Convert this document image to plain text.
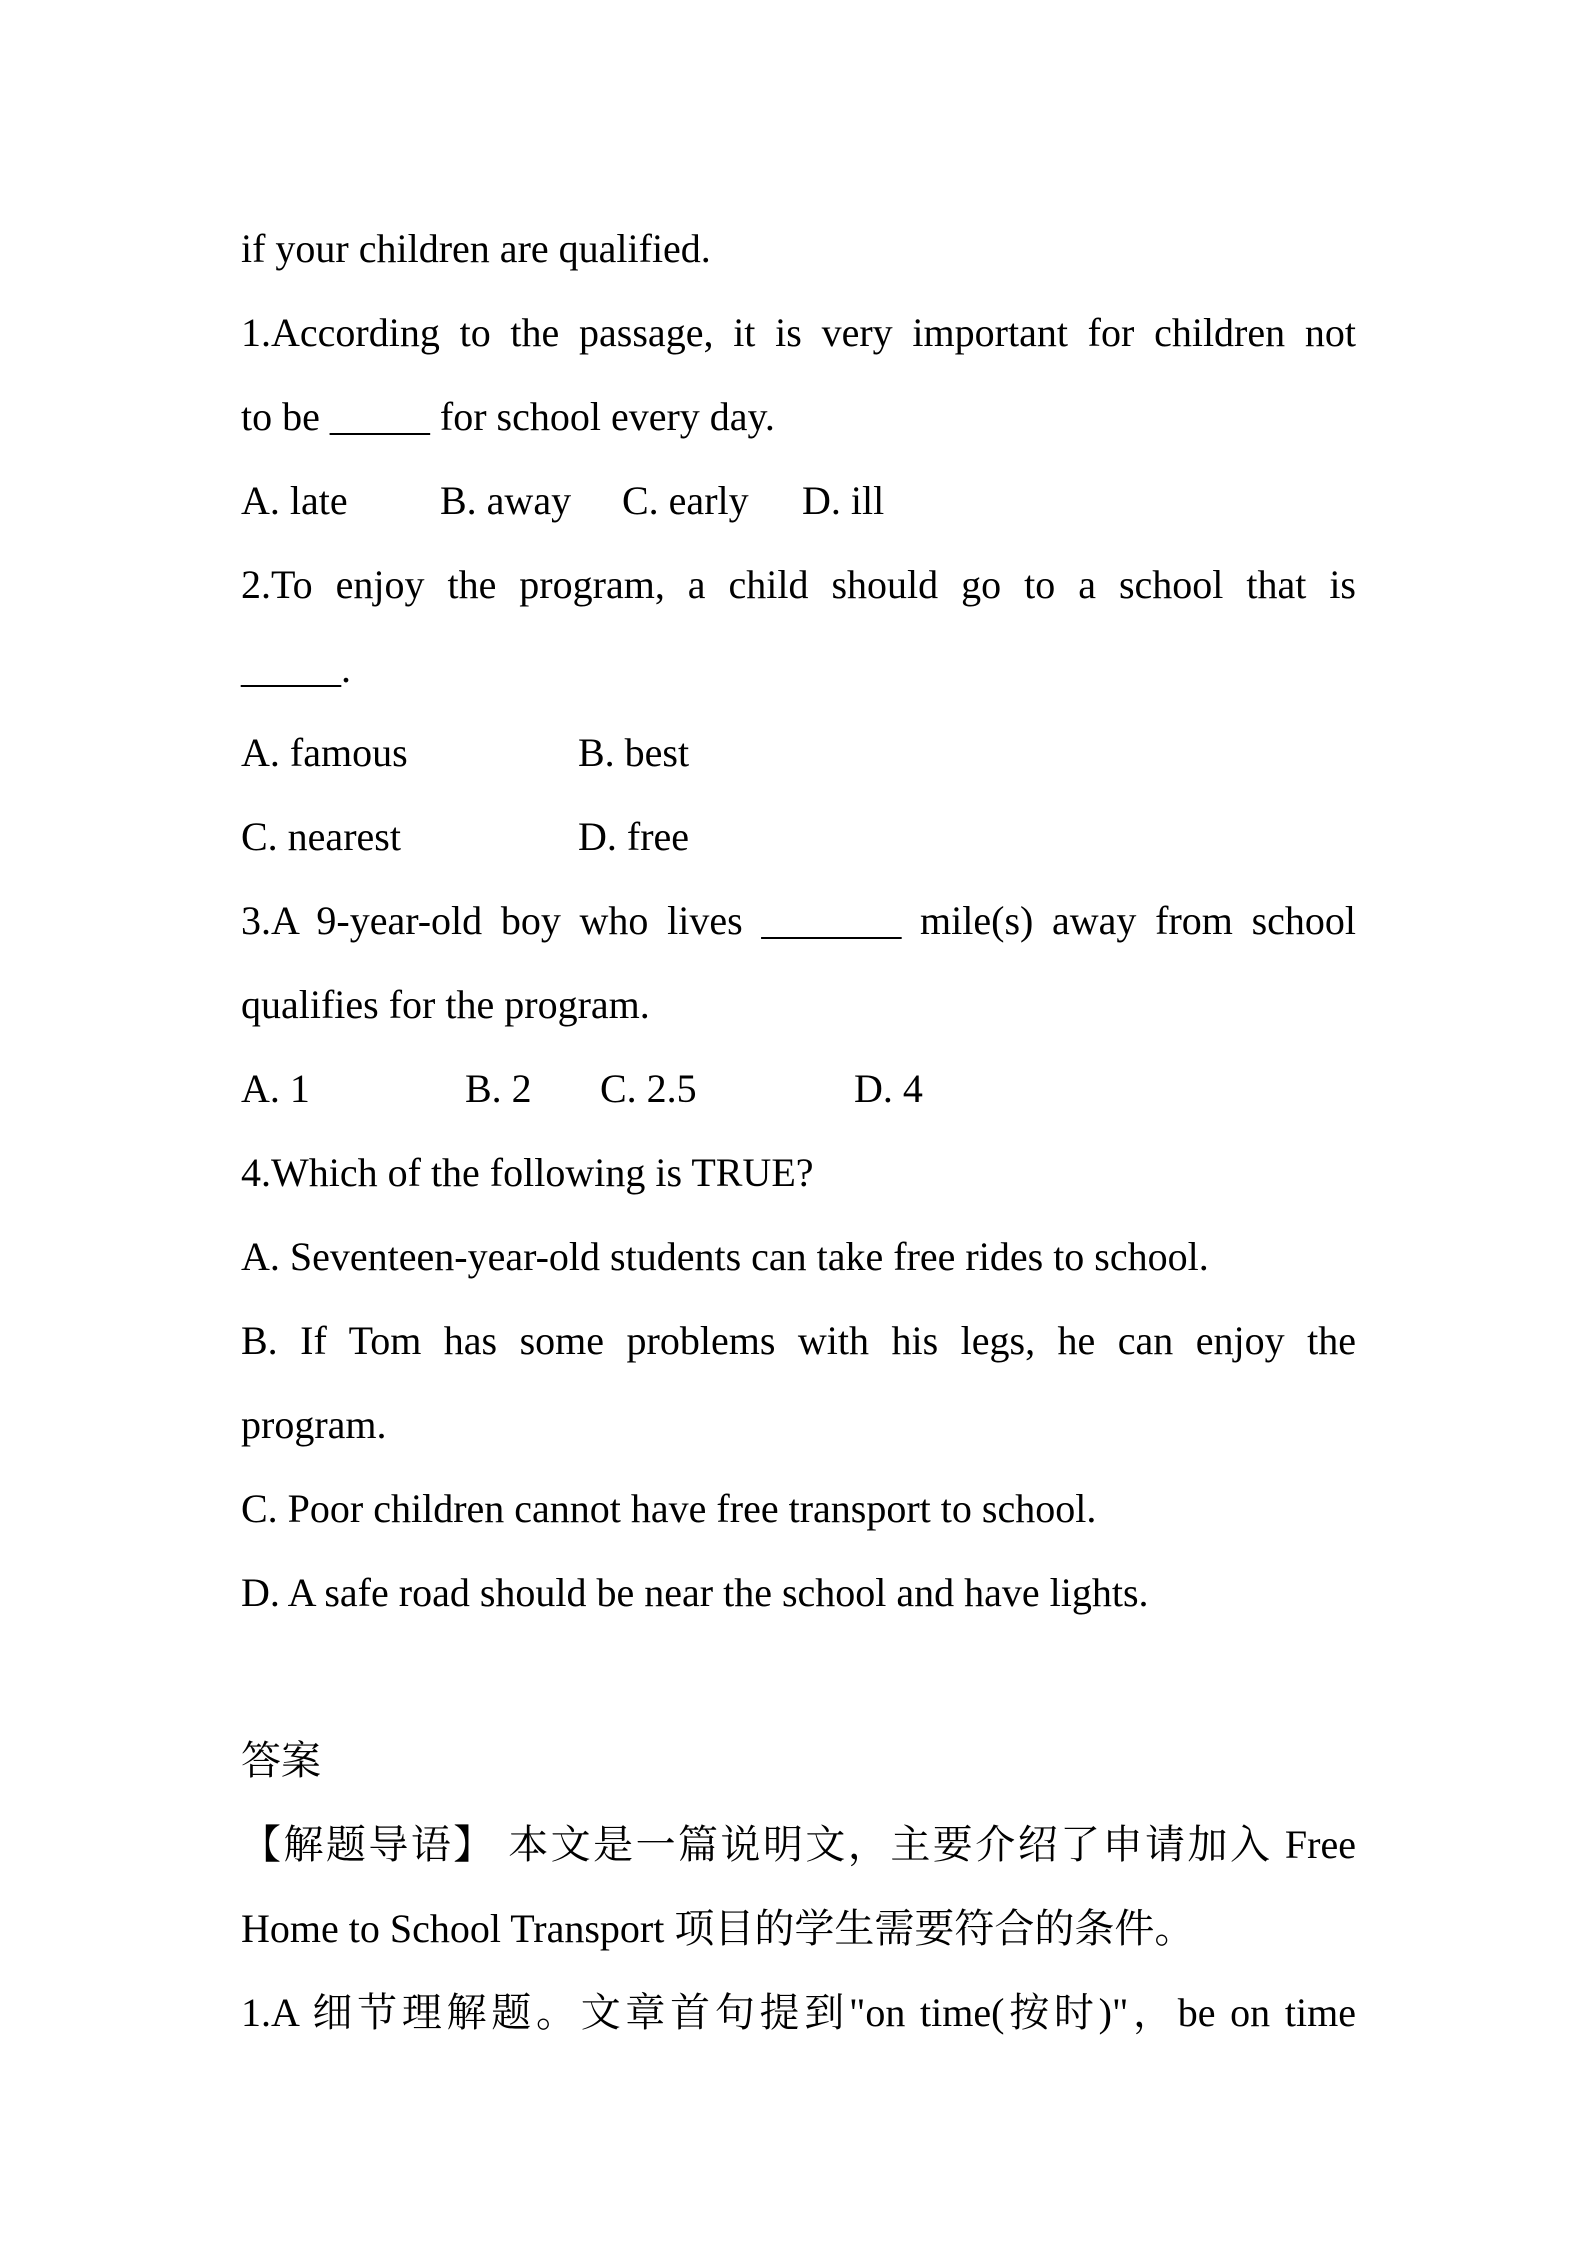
if your children are qualified.
1.According to the passage, it is very important for children not
to be _____ for school every day.
A. late	B. away	C. early	D. ill
2.To enjoy the program, a child should go to a school that is
_____.
A. famous	B. best
C. nearest	D. free
3.A 9-year-old boy who lives _______ mile(s) away from school
qualifies for the program.
A. 1	B. 2	C. 2.5	D. 4
4.Which of the following is TRUE?
A. Seventeen-year-old students can take free rides to school.
B. If Tom has some problems with his legs, he can enjoy the
program.
C. Poor children cannot have free transport to school.
D. A safe road should be near the school and have lights.
答案
【解题导语】 本文是一篇说明文，主要介绍了申请加入 Free
Home to School Transport 项目的学生需要符合的条件。
1.A 细节理解题。文章首句提到"on time(按时)"，be on time
